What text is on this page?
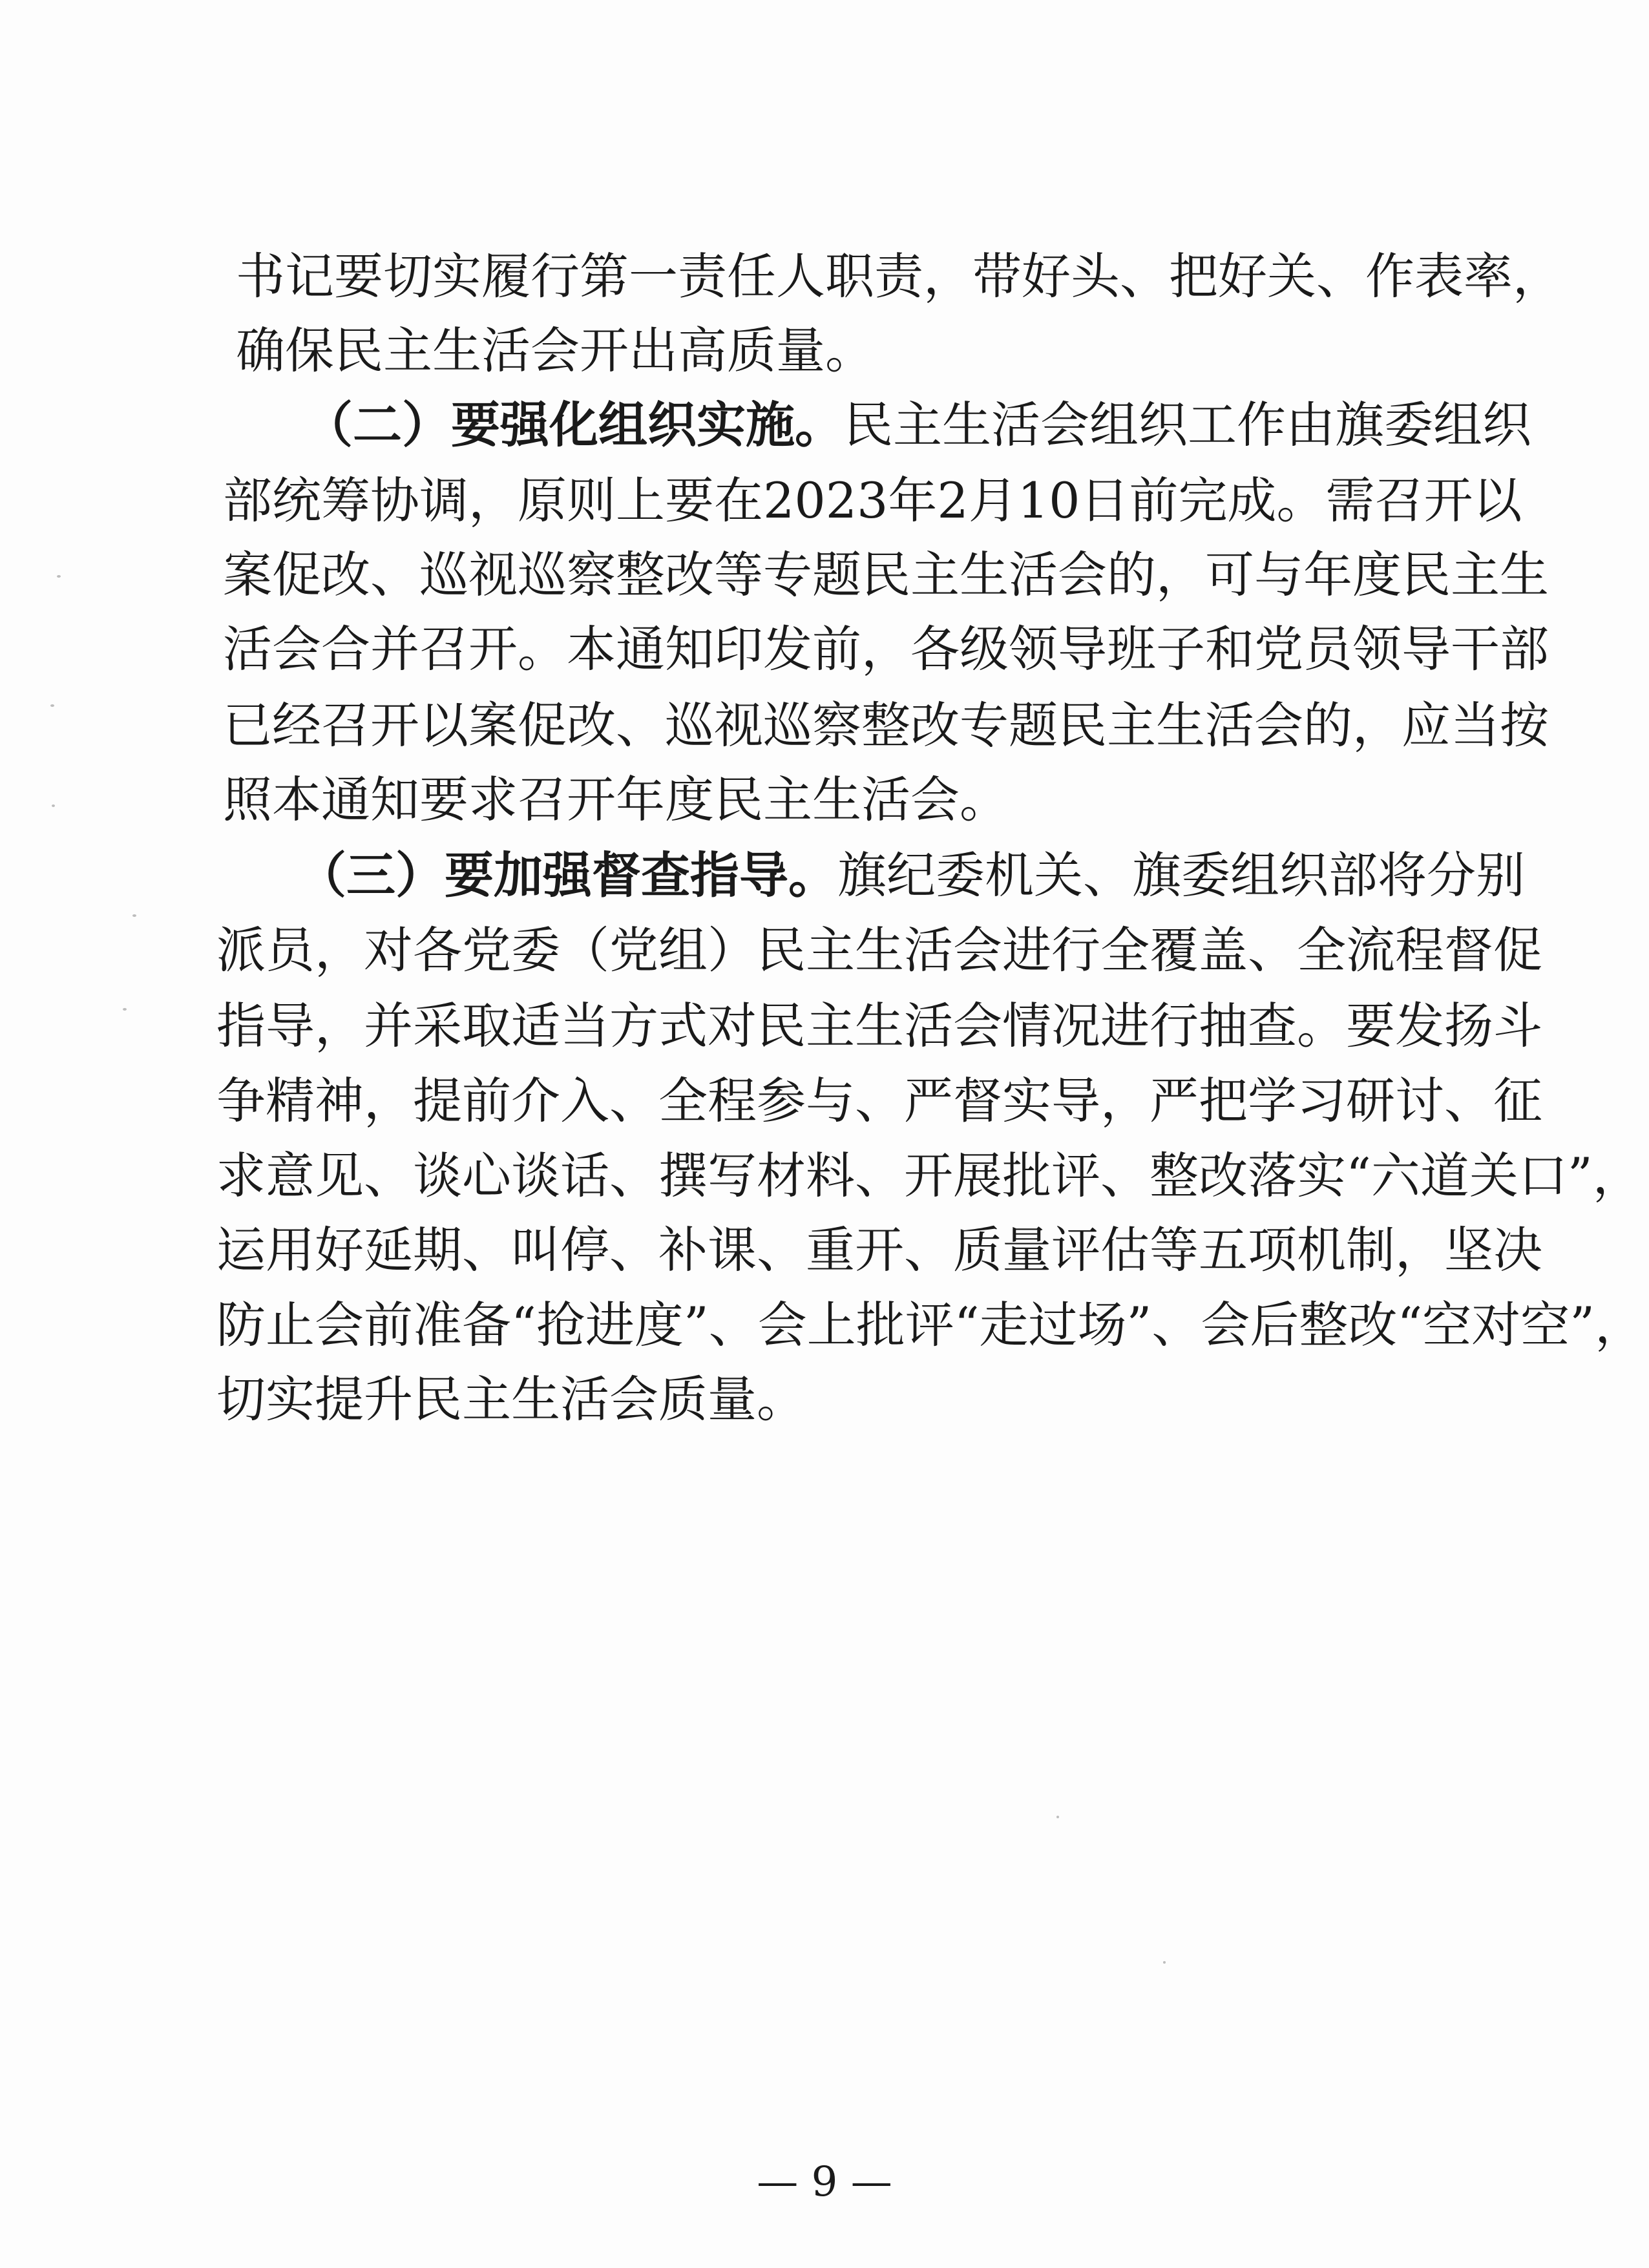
书记要切实履行第一责任人职责，带好头、把好关、作表率，
确保民主生活会开出高质量。
（二）要强化组织实施。民主生活会组织工作由旗委组织
部统筹协调，原则上要在2023年2月10日前完成。需召开以
案促改、巡视巡察整改等专题民主生活会的，可与年度民主生
活会合并召开。本通知印发前，各级领导班子和党员领导干部
已经召开以案促改、巡视巡察整改专题民主生活会的，应当按
照本通知要求召开年度民主生活会。
（三）要加强督查指导。旗纪委机关、旗委组织部将分别
派员，对各党委（党组）民主生活会进行全覆盖、全流程督促
指导，并采取适当方式对民主生活会情况进行抽查。要发扬斗
争精神，提前介入、全程参与、严督实导，严把学习研讨、征
求意见、谈心谈话、撰写材料、开展批评、整改落实“六道关口”，
运用好延期、叫停、补课、重开、质量评估等五项机制，坚决
防止会前准备“抢进度”、会上批评“走过场”、会后整改“空对空”，
切实提升民主生活会质量。
— 9 —
